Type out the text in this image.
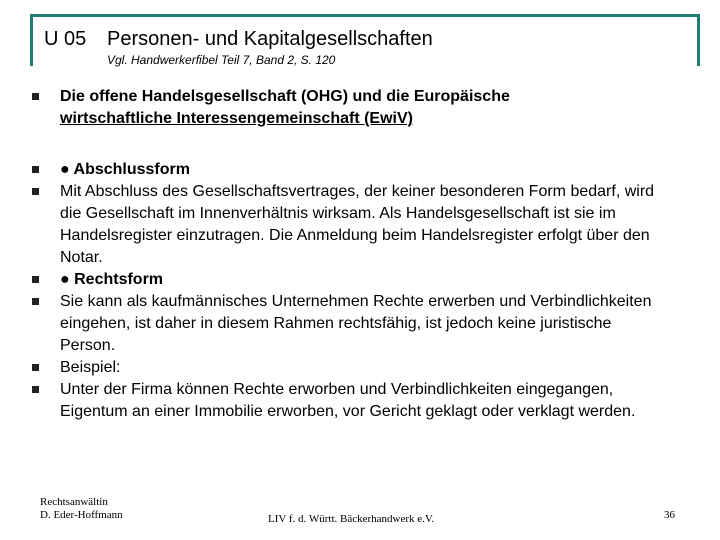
U 05 Personen- und Kapitalgesellschaften
Vgl. Handwerkerfibel Teil 7, Band 2, S. 120
Die offene Handelsgesellschaft (OHG) und die Europäische
wirtschaftliche Interessengemeinschaft (EwiV)
● Abschlussform
Mit Abschluss des Gesellschaftsvertrages, der keiner besonderen Form bedarf, wird die Gesellschaft im Innenverhältnis wirksam. Als Handelsgesellschaft ist sie im Handelsregister einzutragen. Die Anmeldung beim Handelsregister erfolgt über den Notar.
● Rechtsform
Sie kann als kaufmännisches Unternehmen Rechte erwerben und Verbindlichkeiten eingehen, ist daher in diesem Rahmen rechtsfähig, ist jedoch keine juristische Person.
Beispiel:
Unter der Firma können Rechte erworben und Verbindlichkeiten eingegangen, Eigentum an einer Immobilie erworben, vor Gericht geklagt oder verklagt werden.
Rechtsanwältin
D. Eder-Hoffmann	LIV f. d. Württ. Bäckerhandwerk e.V.	36
